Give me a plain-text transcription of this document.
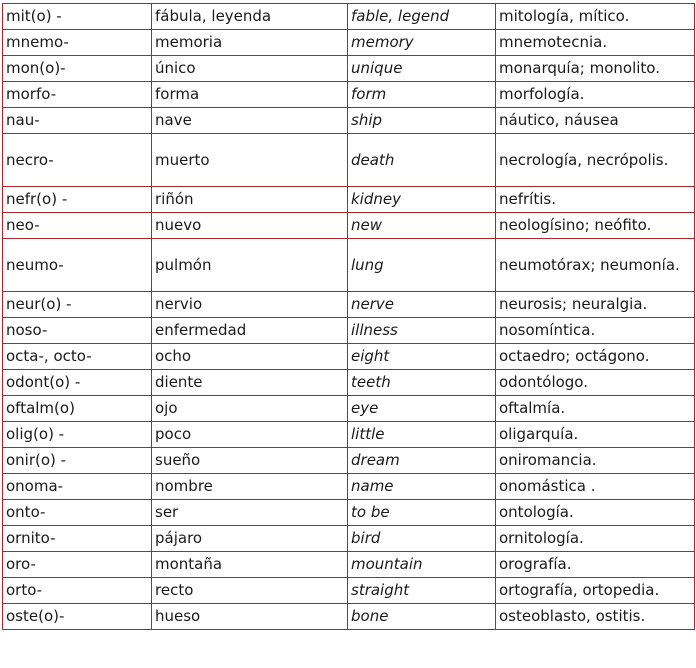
mit(o) -	fábula, leyenda	fable, legend	mitología, mítico.
mnemo-	memoria	memory	mnemotecnia.
mon(o)-	único	unique	monarquía; monolito.
morfo-	forma	form	morfología.
nau-	nave	ship	náutico, náusea
necro-	muerto	death	necrología, necrópolis.
nefr(o) -	riñón	kidney	nefrítis.
neo-	nuevo	new	neologísino; neófito.
neumo-	pulmón	lung	neumotórax; neumonía.
neur(o) -	nervio	nerve	neurosis; neuralgia.
noso-	enfermedad	illness	nosomíntica.
octa-, octo-	ocho	eight	octaedro; octágono.
odont(o) -	diente	teeth	odontólogo.
oftalm(o)	ojo	eye	oftalmía.
olig(o) -	poco	little	oligarquía.
onir(o) -	sueño	dream	oniromancia.
onoma-	nombre	name	onomástica .
onto-	ser	to be	ontología.
ornito-	pájaro	bird	ornitología.
oro-	montaña	mountain	orografía.
orto-	recto	straight	ortografía, ortopedia.
oste(o)-	hueso	bone	osteoblasto, ostitis.
